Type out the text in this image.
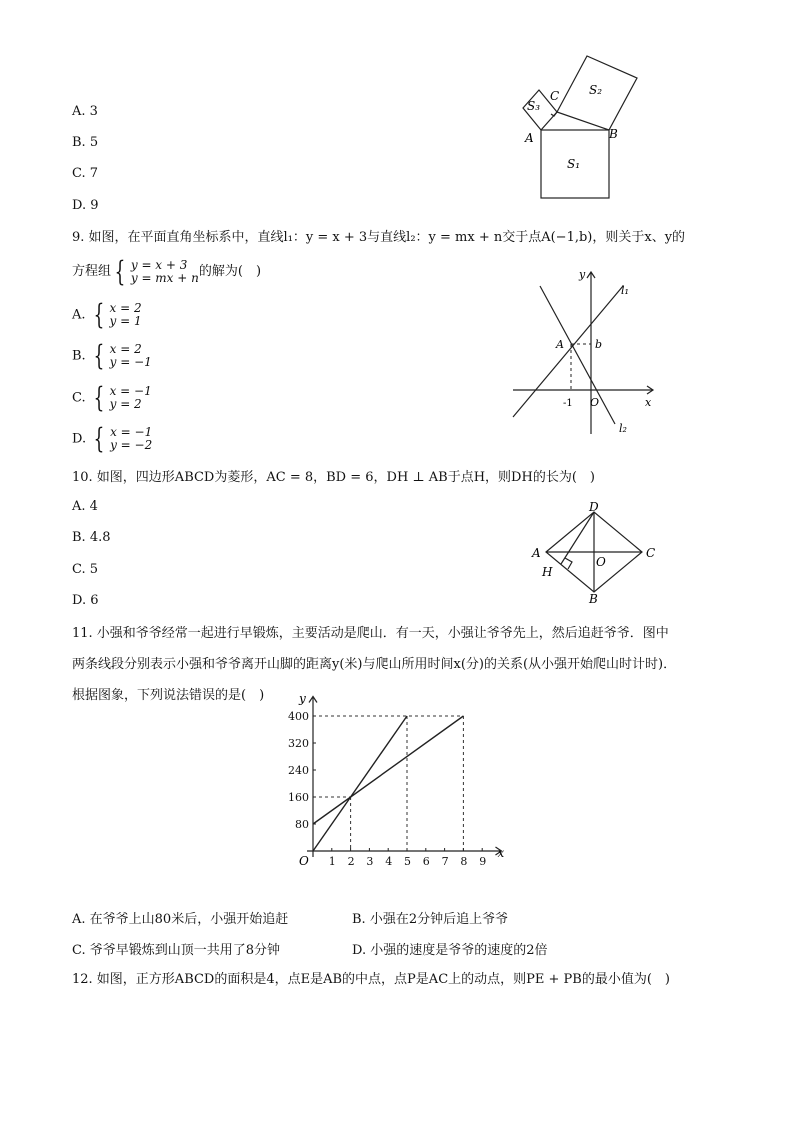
A. 3
B. 5
C. 7
D. 9
S₁
S₂
S₃
A	B
C
9. 如图，在平面直角坐标系中，直线l₁：y = x + 3与直线l₂：y = mx + n交于点A(−1,b)，则关于x、y的
方程组 { y = x + 3
y = mx + n 的解为(　)
A. { x = 2
y = 1
B. { x = 2
y = −1
C. { x = −1
y = 2
D. { x = −1
y = −2
y
x
O
A	b
-1
l₁
l₂
10. 如图，四边形ABCD为菱形，AC = 8，BD = 6，DH ⊥ AB于点H，则DH的长为(　)
A. 4
B. 4.8
C. 5
D. 6
A
B
C
D
H
O
11. 小强和爷爷经常一起进行早锻炼，主要活动是爬山．有一天，小强让爷爷先上，然后追赶爷爷．图中
两条线段分别表示小强和爷爷离开山脚的距离y(米)与爬山所用时间x(分)的关系(从小强开始爬山时计时)．
根据图象，下列说法错误的是(　)
1 2 3 4 5 6 7 8 9
80
160
240
320
400
x
y
O
A. 在爷爷上山80米后，小强开始追赶	B. 小强在2分钟后追上爷爷
C. 爷爷早锻炼到山顶一共用了8分钟	D. 小强的速度是爷爷的速度的2倍
12. 如图，正方形ABCD的面积是4，点E是AB的中点，点P是AC上的动点，则PE + PB的最小值为(　)
